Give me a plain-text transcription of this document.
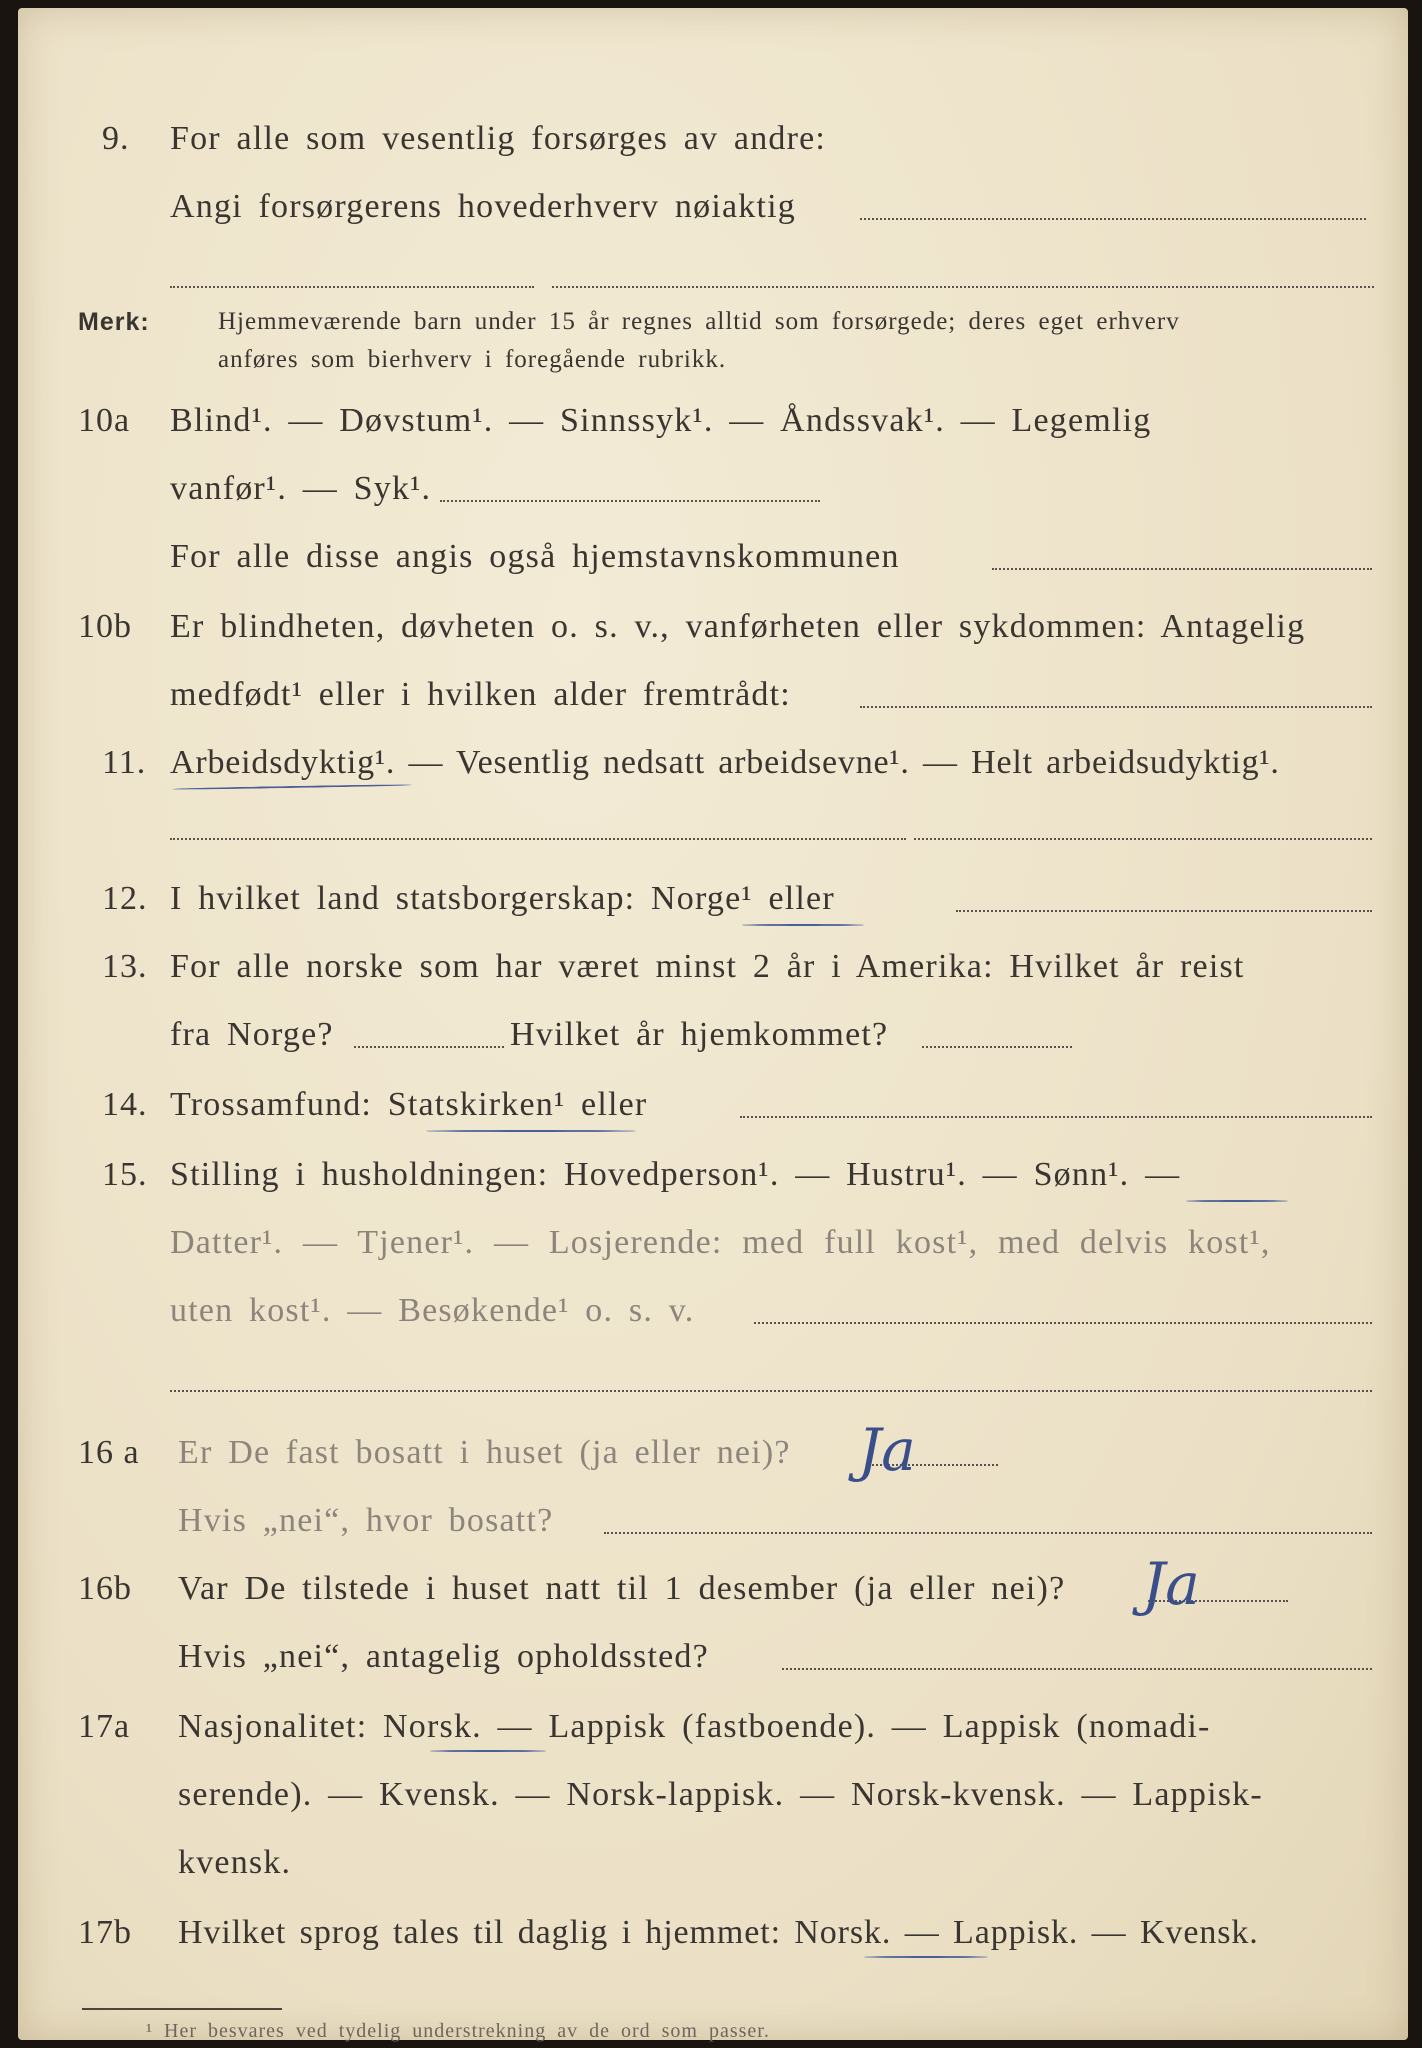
9. For alle som vesentlig forsørges av andre:
Angi forsørgerens hovederhverv nøiaktig
Merk:	Hjemmeværende barn under 15 år regnes alltid som forsørgede; deres eget erhverv
anføres som bierhverv i foregående rubrikk.
10a Blind¹. — Døvstum¹. — Sinnssyk¹. — Åndssvak¹. — Legemlig
vanfør¹. — Syk¹.
For alle disse angis også hjemstavnskommunen
10b Er blindheten, døvheten o. s. v., vanførheten eller sykdommen: Antagelig
medfødt¹ eller i hvilken alder fremtrådt:
11. Arbeidsdyktig¹. — Vesentlig nedsatt arbeidsevne¹. — Helt arbeidsudyktig¹.
12. I hvilket land statsborgerskap: Norge¹ eller
13. For alle norske som har været minst 2 år i Amerika: Hvilket år reist
fra Norge?	Hvilket år hjemkommet?
14. Trossamfund: Statskirken¹ eller
15. Stilling i husholdningen: Hovedperson¹. — Hustru¹. — Sønn¹. —
Datter¹. — Tjener¹. — Losjerende: med full kost¹, med delvis kost¹,
uten kost¹. — Besøkende¹ o. s. v.
16 a Er De fast bosatt i huset (ja eller nei)? Ja
Hvis „nei“, hvor bosatt?
16b Var De tilstede i huset natt til 1 desember (ja eller nei)? Ja
Hvis „nei“, antagelig opholdssted?
17a Nasjonalitet: Norsk. — Lappisk (fastboende). — Lappisk (nomadi-
serende). — Kvensk. — Norsk-lappisk. — Norsk-kvensk. — Lappisk-
kvensk.
17b Hvilket sprog tales til daglig i hjemmet: Norsk. — Lappisk. — Kvensk.
¹ Her besvares ved tydelig understrekning av de ord som passer.
